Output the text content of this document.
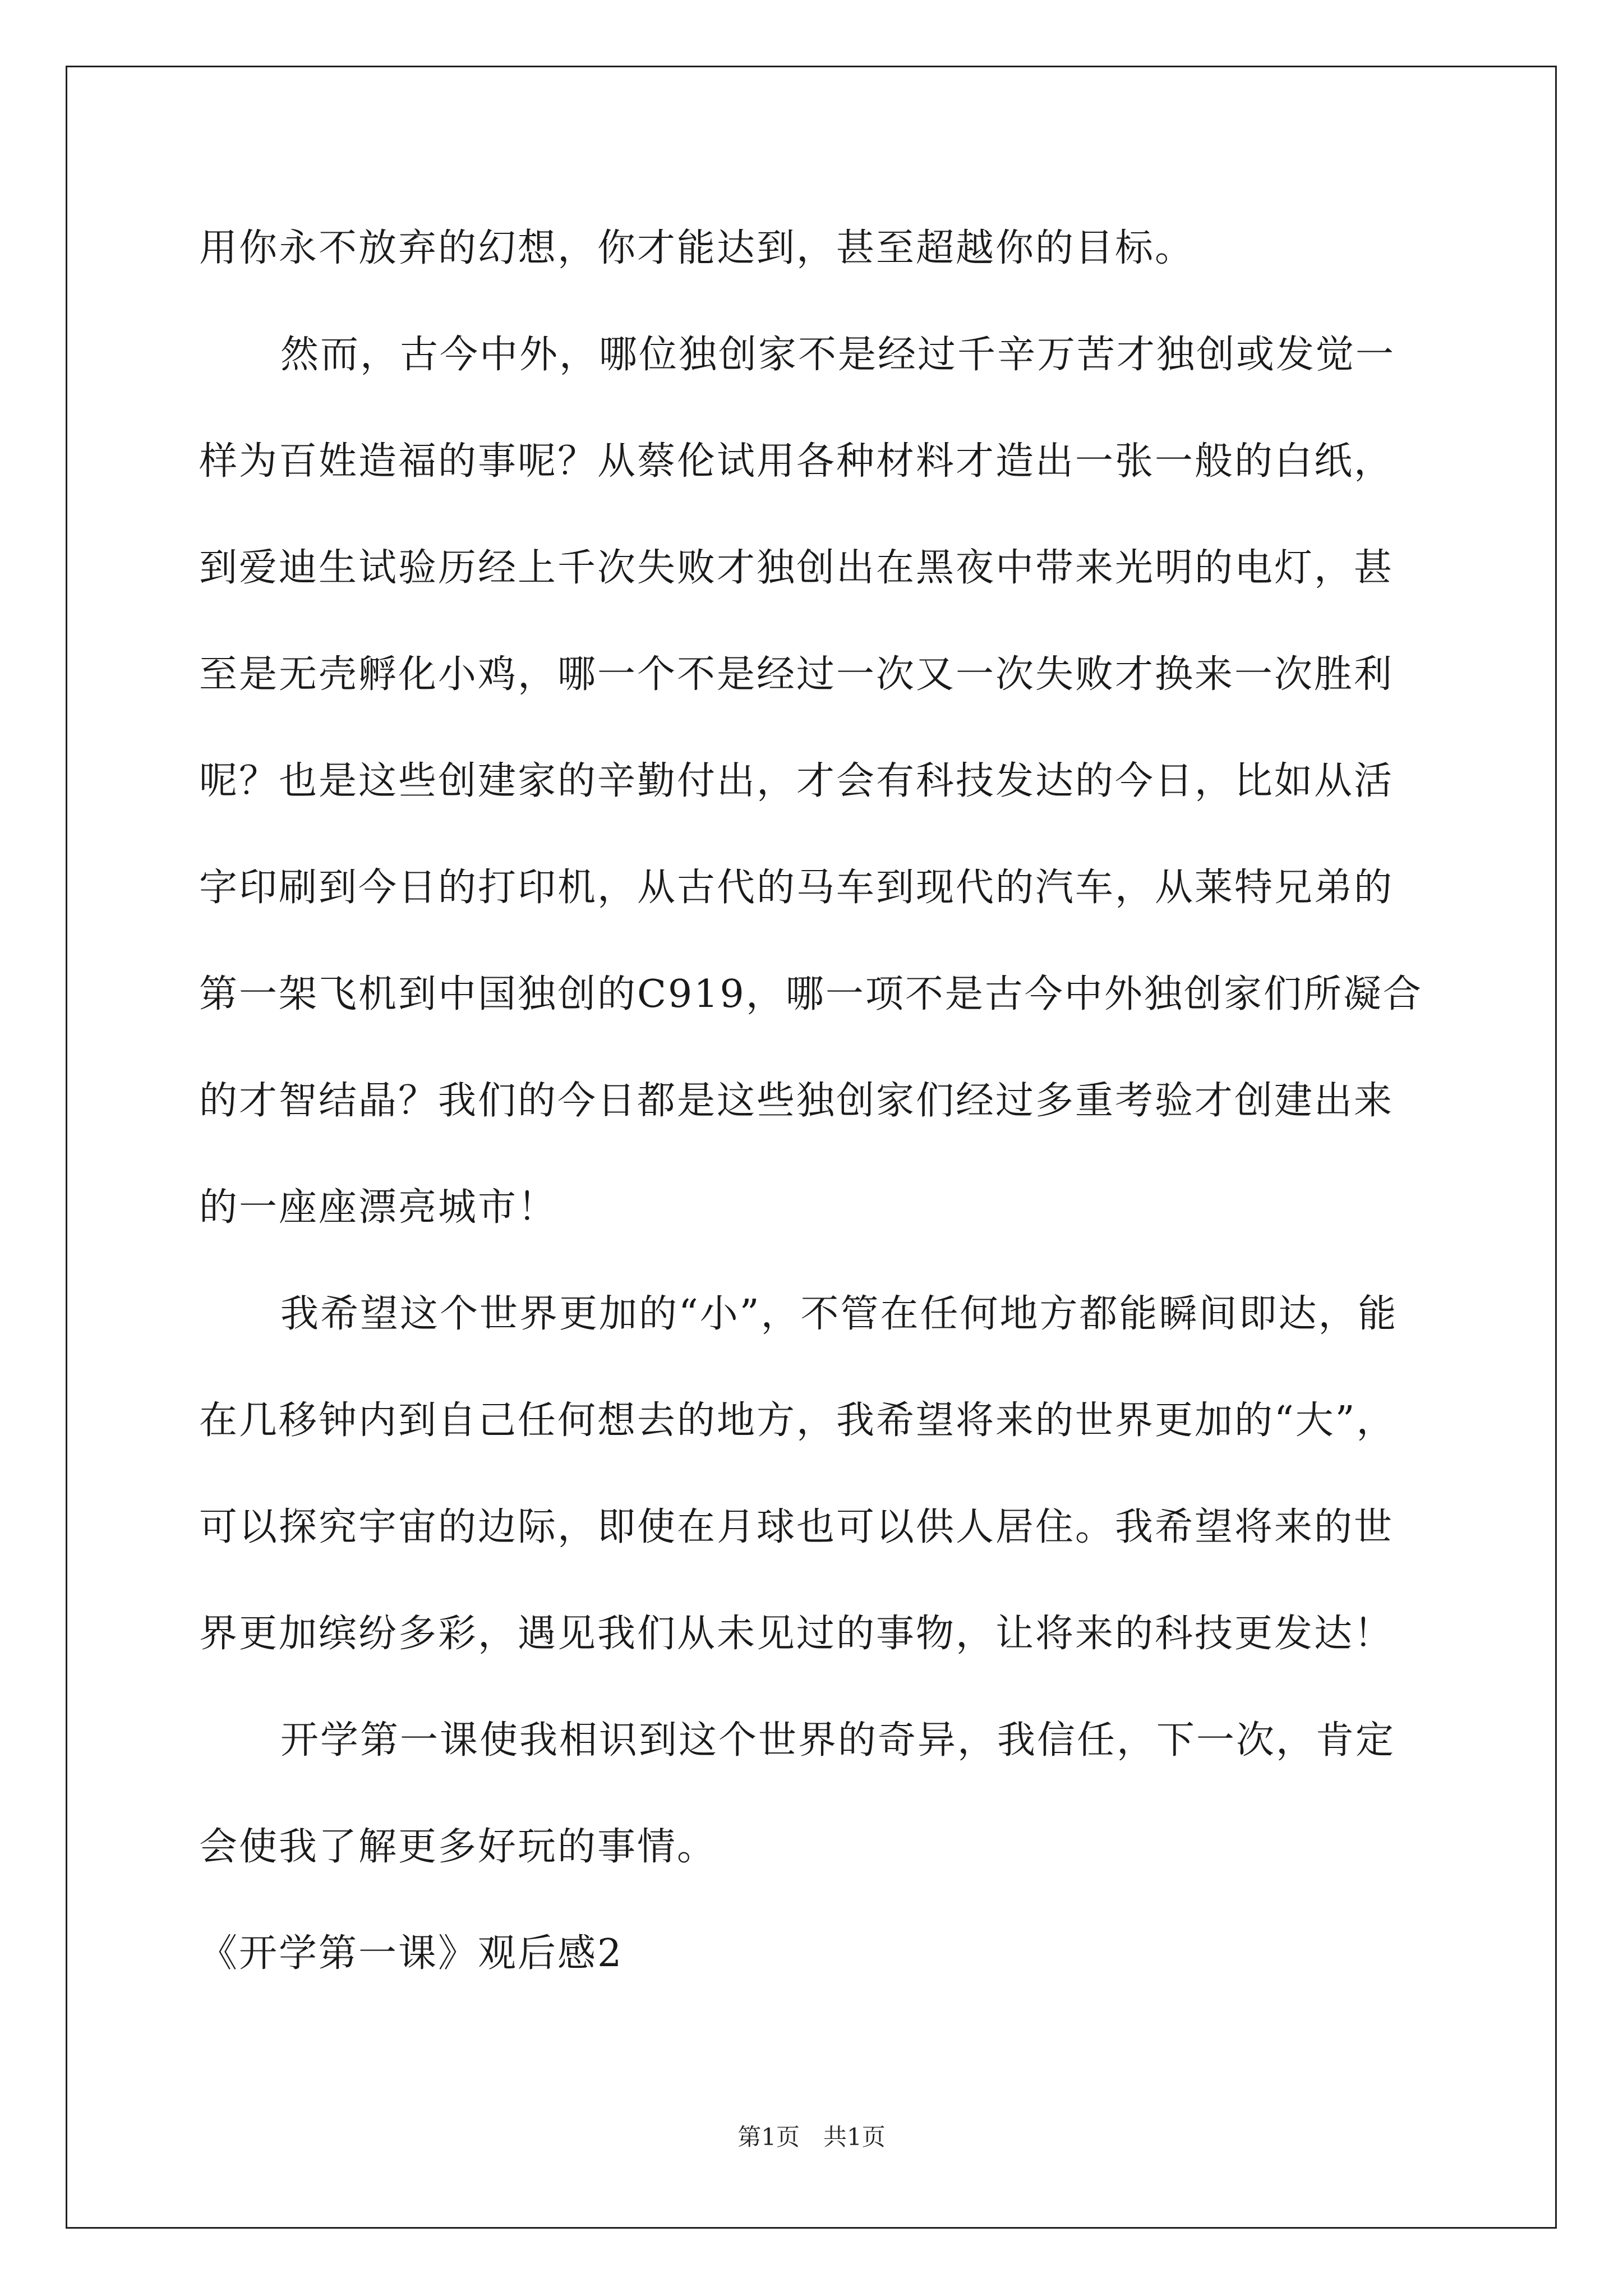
用你永不放弃的幻想，你才能达到，甚至超越你的目标。
然而，古今中外，哪位独创家不是经过千辛万苦才独创或发觉一
样为百姓造福的事呢？从蔡伦试用各种材料才造出一张一般的白纸，
到爱迪生试验历经上千次失败才独创出在黑夜中带来光明的电灯，甚
至是无壳孵化小鸡，哪一个不是经过一次又一次失败才换来一次胜利
呢？也是这些创建家的辛勤付出，才会有科技发达的今日，比如从活
字印刷到今日的打印机，从古代的马车到现代的汽车，从莱特兄弟的
第一架飞机到中国独创的C919，哪一项不是古今中外独创家们所凝合
的才智结晶？我们的今日都是这些独创家们经过多重考验才创建出来
的一座座漂亮城市！
我希望这个世界更加的“小”，不管在任何地方都能瞬间即达，能
在几移钟内到自己任何想去的地方，我希望将来的世界更加的“大”，
可以探究宇宙的边际，即使在月球也可以供人居住。我希望将来的世
界更加缤纷多彩，遇见我们从未见过的事物，让将来的科技更发达！
开学第一课使我相识到这个世界的奇异，我信任，下一次，肯定
会使我了解更多好玩的事情。
《开学第一课》观后感2
第1页　共1页
